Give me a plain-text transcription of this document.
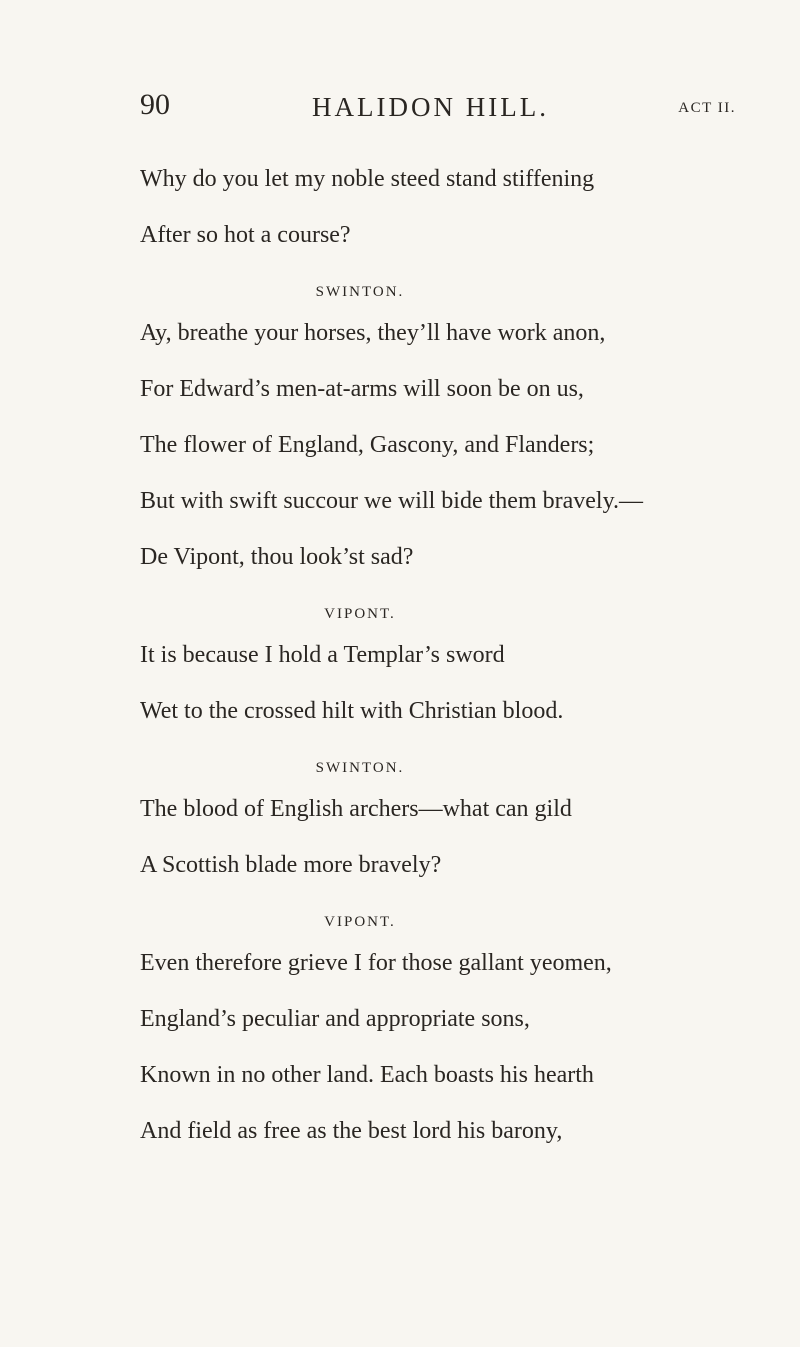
90	HALIDON HILL.	ACT II.
Why do you let my noble steed stand stiffening
After so hot a course?
SWINTON.
Ay, breathe your horses, they’ll have work anon,
For Edward’s men-at-arms will soon be on us,
The flower of England, Gascony, and Flanders;
But with swift succour we will bide them bravely.—
De Vipont, thou look’st sad?
VIPONT.
It is because I hold a Templar’s sword
Wet to the crossed hilt with Christian blood.
SWINTON.
The blood of English archers—what can gild
A Scottish blade more bravely?
VIPONT.
Even therefore grieve I for those gallant yeomen,
England’s peculiar and appropriate sons,
Known in no other land. Each boasts his hearth
And field as free as the best lord his barony,
